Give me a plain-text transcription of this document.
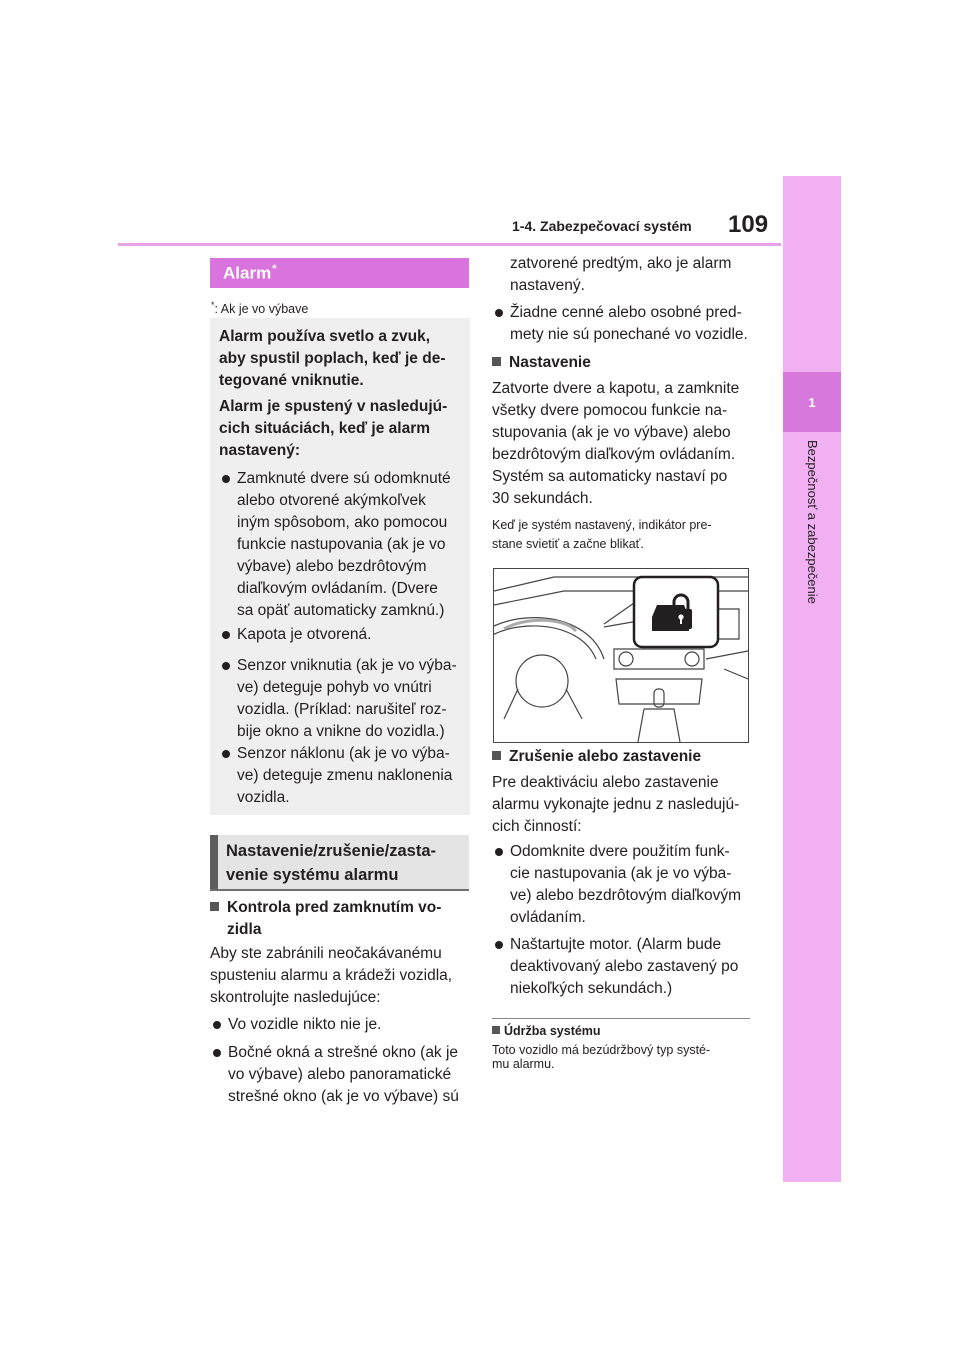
1-4. Zabezpečovací systém 109
1
Bezpečnosť a zabezpečenie
Alarm*
*: Ak je vo výbave
Alarm používa svetlo a zvuk,
aby spustil poplach, keď je de-
tegované vniknutie.
Alarm je spustený v nasledujú-
cich situáciách, keď je alarm
nastavený:
Zamknuté dvere sú odomknuté
alebo otvorené akýmkoľvek
iným spôsobom, ako pomocou
funkcie nastupovania (ak je vo
výbave) alebo bezdrôtovým
diaľkovým ovládaním. (Dvere
sa opäť automaticky zamknú.)
Kapota je otvorená.
Senzor vniknutia (ak je vo výba-
ve) deteguje pohyb vo vnútri
vozidla. (Príklad: narušiteľ roz-
bije okno a vnikne do vozidla.)
Senzor náklonu (ak je vo výba-
ve) deteguje zmenu naklonenia
vozidla.
Nastavenie/zrušenie/zasta-
venie systému alarmu
Kontrola pred zamknutím vo-
zidla
Aby ste zabránili neočakávanému
spusteniu alarmu a krádeži vozidla,
skontrolujte nasledujúce:
Vo vozidle nikto nie je.
Bočné okná a strešné okno (ak je
vo výbave) alebo panoramatické
strešné okno (ak je vo výbave) sú
zatvorené predtým, ako je alarm
nastavený.
Žiadne cenné alebo osobné pred-
mety nie sú ponechané vo vozidle.
Nastavenie
Zatvorte dvere a kapotu, a zamknite
všetky dvere pomocou funkcie na-
stupovania (ak je vo výbave) alebo
bezdrôtovým diaľkovým ovládaním.
Systém sa automaticky nastaví po
30 sekundách.
Keď je systém nastavený, indikátor pre-
stane svietiť a začne blikať.
Zrušenie alebo zastavenie
Pre deaktiváciu alebo zastavenie
alarmu vykonajte jednu z nasledujú-
cich činností:
Odomknite dvere použitím funk-
cie nastupovania (ak je vo výba-
ve) alebo bezdrôtovým diaľkovým
ovládaním.
Naštartujte motor. (Alarm bude
deaktivovaný alebo zastavený po
niekoľkých sekundách.)
Údržba systému
Toto vozidlo má bezúdržbový typ systé-
mu alarmu.
